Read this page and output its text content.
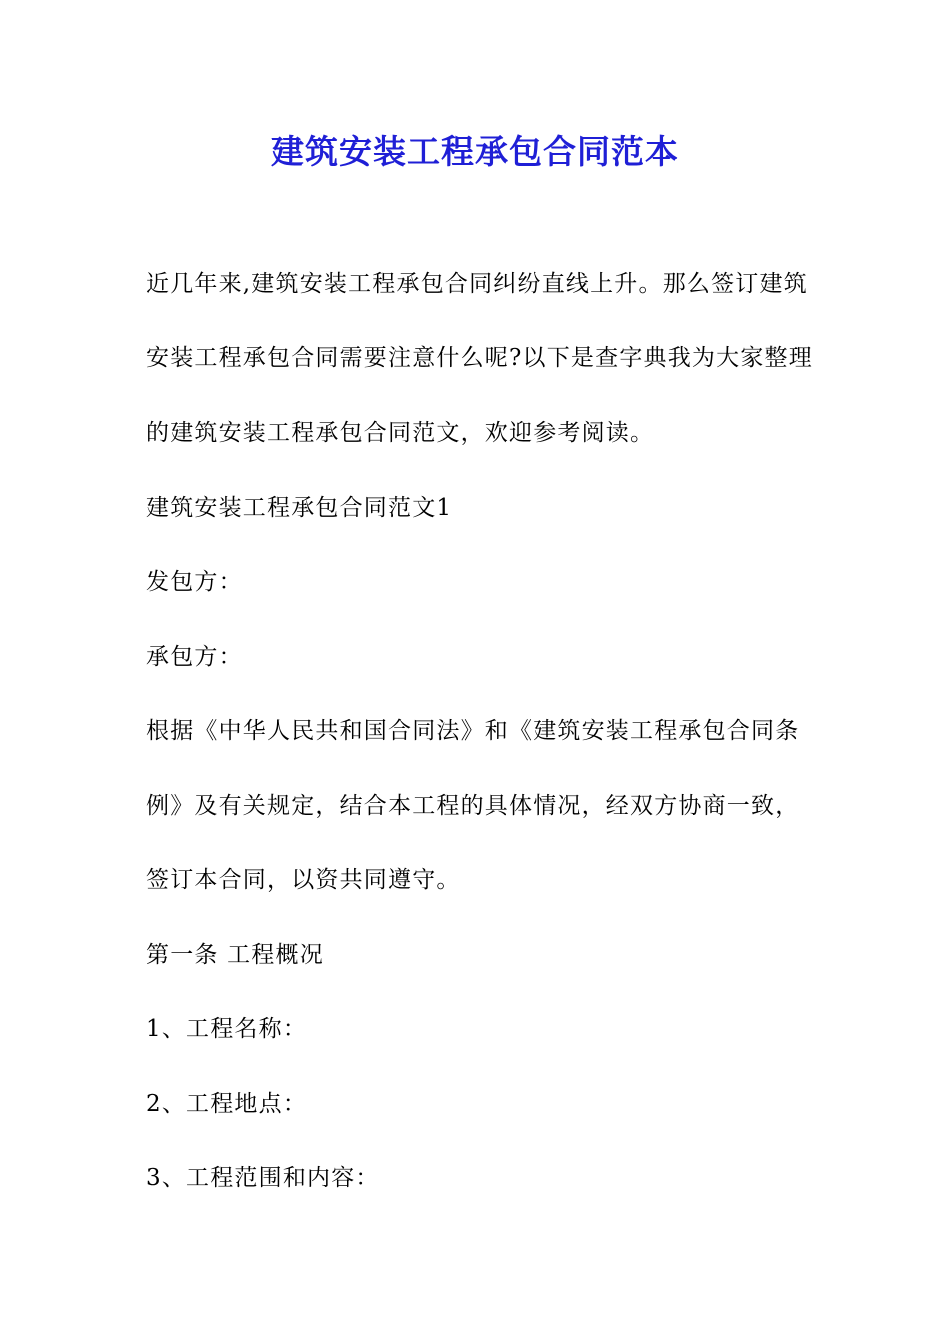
建筑安装工程承包合同范本

近几年来,建筑安装工程承包合同纠纷直线上升。那么签订建筑

安装工程承包合同需要注意什么呢?以下是查字典我为大家整理

的建筑安装工程承包合同范文，欢迎参考阅读。

建筑安装工程承包合同范文1

发包方：

承包方：

根据《中华人民共和国合同法》和《建筑安装工程承包合同条

例》及有关规定，结合本工程的具体情况，经双方协商一致，

签订本合同，以资共同遵守。

第一条 工程概况

1、工程名称：

2、工程地点：

3、工程范围和内容：
